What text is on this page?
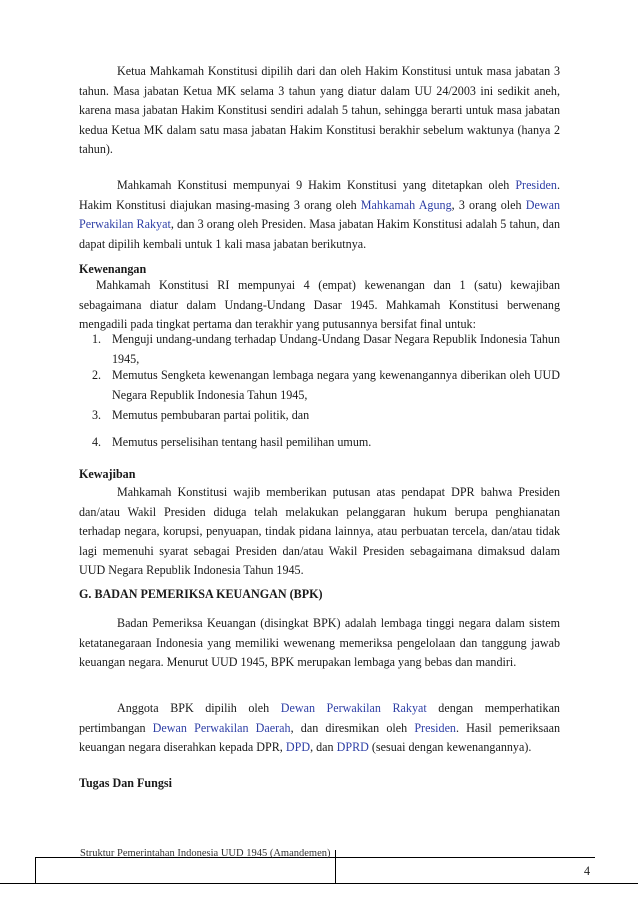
Ketua Mahkamah Konstitusi dipilih dari dan oleh Hakim Konstitusi untuk masa jabatan 3 tahun. Masa jabatan Ketua MK selama 3 tahun yang diatur dalam UU 24/2003 ini sedikit aneh, karena masa jabatan Hakim Konstitusi sendiri adalah 5 tahun, sehingga berarti untuk masa jabatan kedua Ketua MK dalam satu masa jabatan Hakim Konstitusi berakhir sebelum waktunya (hanya 2 tahun).

Mahkamah Konstitusi mempunyai 9 Hakim Konstitusi yang ditetapkan oleh Presiden. Hakim Konstitusi diajukan masing-masing 3 orang oleh Mahkamah Agung, 3 orang oleh Dewan Perwakilan Rakyat, dan 3 orang oleh Presiden. Masa jabatan Hakim Konstitusi adalah 5 tahun, dan dapat dipilih kembali untuk 1 kali masa jabatan berikutnya.

Kewenangan

Mahkamah Konstitusi RI mempunyai 4 (empat) kewenangan dan 1 (satu) kewajiban sebagaimana diatur dalam Undang-Undang Dasar 1945. Mahkamah Konstitusi berwenang mengadili pada tingkat pertama dan terakhir yang putusannya bersifat final untuk:

1. Menguji undang-undang terhadap Undang-Undang Dasar Negara Republik Indonesia Tahun 1945,
2. Memutus Sengketa kewenangan lembaga negara yang kewenangannya diberikan oleh UUD Negara Republik Indonesia Tahun 1945,
3. Memutus pembubaran partai politik, dan
4. Memutus perselisihan tentang hasil pemilihan umum.

Kewajiban

Mahkamah Konstitusi wajib memberikan putusan atas pendapat DPR bahwa Presiden dan/atau Wakil Presiden diduga telah melakukan pelanggaran hukum berupa penghianatan terhadap negara, korupsi, penyuapan, tindak pidana lainnya, atau perbuatan tercela, dan/atau tidak lagi memenuhi syarat sebagai Presiden dan/atau Wakil Presiden sebagaimana dimaksud dalam UUD Negara Republik Indonesia Tahun 1945.

G. BADAN PEMERIKSA KEUANGAN (BPK)

Badan Pemeriksa Keuangan (disingkat BPK) adalah lembaga tinggi negara dalam sistem ketatanegaraan Indonesia yang memiliki wewenang memeriksa pengelolaan dan tanggung jawab keuangan negara. Menurut UUD 1945, BPK merupakan lembaga yang bebas dan mandiri.

Anggota BPK dipilih oleh Dewan Perwakilan Rakyat dengan memperhatikan pertimbangan Dewan Perwakilan Daerah, dan diresmikan oleh Presiden. Hasil pemeriksaan keuangan negara diserahkan kepada DPR, DPD, dan DPRD (sesuai dengan kewenangannya).

Tugas Dan Fungsi

Struktur Pemerintahan Indonesia UUD 1945 (Amandemen)
4
